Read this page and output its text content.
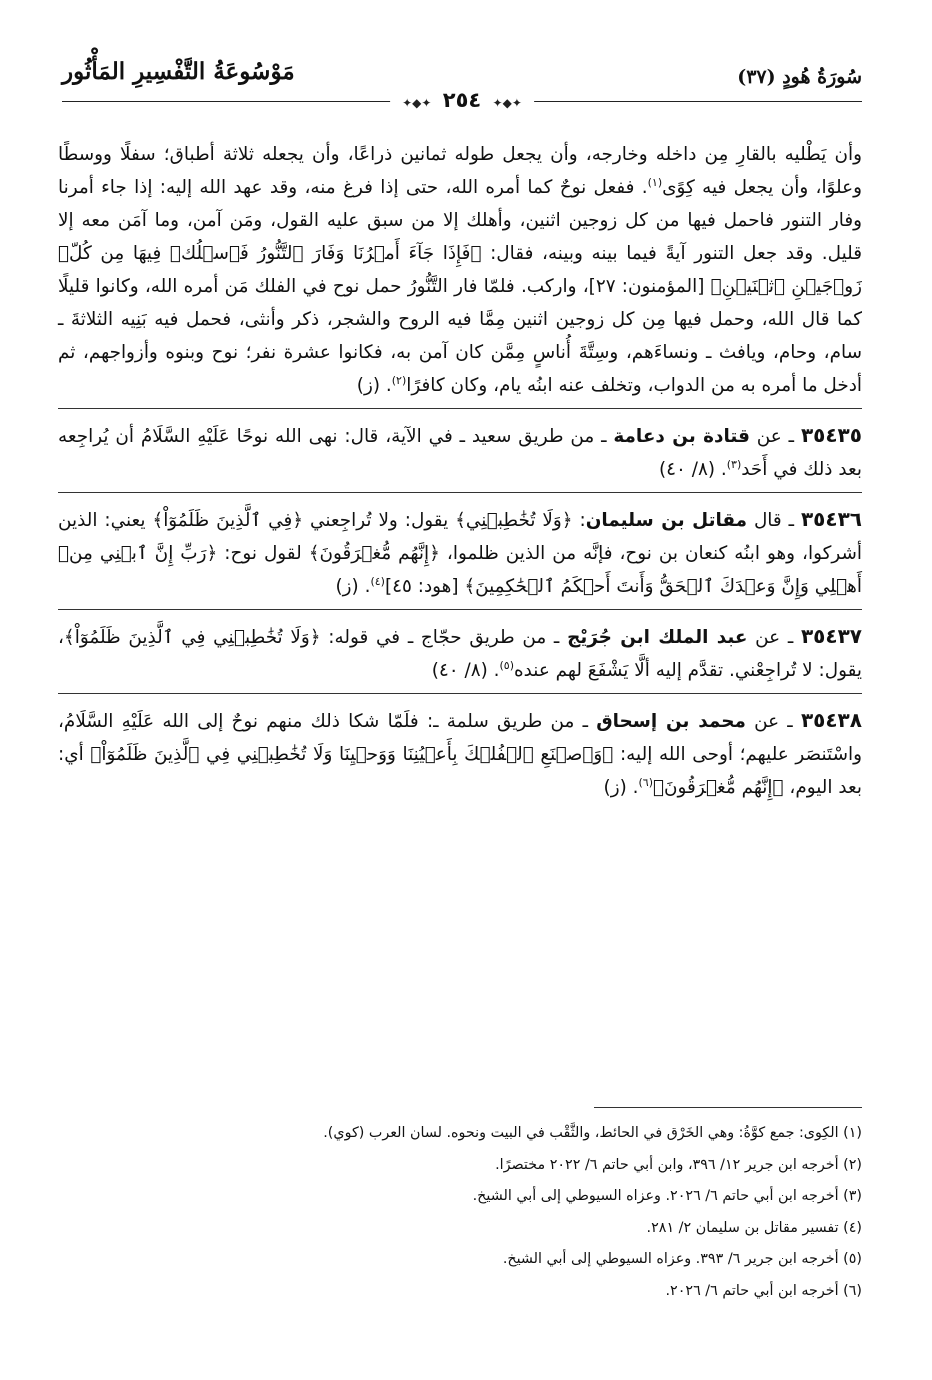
مَوْسُوعَةُ التَّفْسِيرِ المَأْثُور	سُورَةُ هُودٍ (٣٧)
✦◆✦ ٢٥٤ ✦◆✦

وأن يَطْليه بالقارِ مِن داخله وخارجه، وأن يجعل طوله ثمانين ذراعًا، وأن يجعله ثلاثة أطباق؛ سفلًا ووسطًا وعلوًا، وأن يجعل فيه كِوًى$^{(١)}$. ففعل نوحٌ كما أمره الله، حتى إذا فرغ منه، وقد عهد الله إليه: إذا جاء أمرنا وفار التنور فاحمل فيها من كل زوجين اثنين، وأهلك إلا من سبق عليه القول، ومَن آمن، وما آمَن معه إلا قليل. وقد جعل التنور آيةً فيما بينه وبينه، فقال: ﴿فَإِذَا جَآءَ أَمۡرُنَا وَفَارَ ٱلتَّنُّورُ فَٱسۡلُكۡ فِيهَا مِن كُلّٖ زَوۡجَيۡنِ ٱثۡنَيۡنِ﴾ [المؤمنون: ٢٧]، واركب. فلمّا فار التَّنُّورُ حمل نوح في الفلك مَن أمره الله، وكانوا قليلًا كما قال الله، وحمل فيها مِن كل زوجين اثنين مِمَّا فيه الروح والشجر، ذكر وأنثى، فحمل فيه بَنِيه الثلاثةَ ـ سام، وحام، ويافث ـ ونساءَهم، وسِتَّةَ أُناسٍ مِمَّن كان آمن به، فكانوا عشرة نفر؛ نوح وبنوه وأزواجهم، ثم أدخل ما أمره به من الدواب، وتخلف عنه ابنُه يام، وكان كافرًا$^{(٢)}$. (ز)

٣٥٤٣٥ ـ عن قتادة بن دعامة ـ من طريق سعيد ـ في الآية، قال: نهى الله نوحًا عَلَيْهِ السَّلَامُ أن يُراجِعه بعد ذلك في أَحَد$^{(٣)}$. (٨/ ٤٠)

٣٥٤٣٦ ـ قال مقاتل بن سليمان: ﴿وَلَا تُخَٰطِبۡنِي﴾ يقول: ولا تُراجِعني ﴿فِي ٱلَّذِينَ ظَلَمُوٓاْ﴾ يعني: الذين أشركوا، وهو ابنُه كنعان بن نوح، فإنَّه من الذين ظلموا، ﴿إِنَّهُم مُّغۡرَقُونَ﴾ لقول نوح: ﴿رَبِّ إِنَّ ٱبۡنِي مِنۡ أَهۡلِي وَإِنَّ وَعۡدَكَ ٱلۡحَقُّ وَأَنتَ أَحۡكَمُ ٱلۡحَٰكِمِينَ﴾ [هود: ٤٥]$^{(٤)}$. (ز)

٣٥٤٣٧ ـ عن عبد الملك ابن جُرَيْج ـ من طريق حجّاج ـ في قوله: ﴿وَلَا تُخَٰطِبۡنِي فِي ٱلَّذِينَ ظَلَمُوٓاْ﴾، يقول: لا تُراجِعْني. تقدَّم إليه ألَّا يَشْفَعَ لهم عنده$^{(٥)}$. (٨/ ٤٠)

٣٥٤٣٨ ـ عن محمد بن إسحاق ـ من طريق سلمة ـ: فلَمّا شكا ذلك منهم نوحٌ إلى الله عَلَيْهِ السَّلَامُ، واسْتَنصَر عليهم؛ أوحى الله إليه: ﴿وَٱصۡنَعِ ٱلۡفُلۡكَ بِأَعۡيُنِنَا وَوَحۡيِنَا وَلَا تُخَٰطِبۡنِي فِي ٱلَّذِينَ ظَلَمُوٓاْ﴾ أي: بعد اليوم، ﴿إِنَّهُم مُّغۡرَقُونَ﴾$^{(٦)}$. (ز)

(١) الكِوى: جمع كوَّةُ: وهي الخَرْق في الحائط، والثَّقْب في البيت ونحوه. لسان العرب (كوي).
(٢) أخرجه ابن جرير ١٢/ ٣٩٦، وابن أبي حاتم ٦/ ٢٠٢٢ مختصرًا.
(٣) أخرجه ابن أبي حاتم ٦/ ٢٠٢٦. وعزاه السيوطي إلى أبي الشيخ.
(٤) تفسير مقاتل بن سليمان ٢/ ٢٨١.
(٥) أخرجه ابن جرير ٦/ ٣٩٣. وعزاه السيوطي إلى أبي الشيخ.
(٦) أخرجه ابن أبي حاتم ٦/ ٢٠٢٦.
